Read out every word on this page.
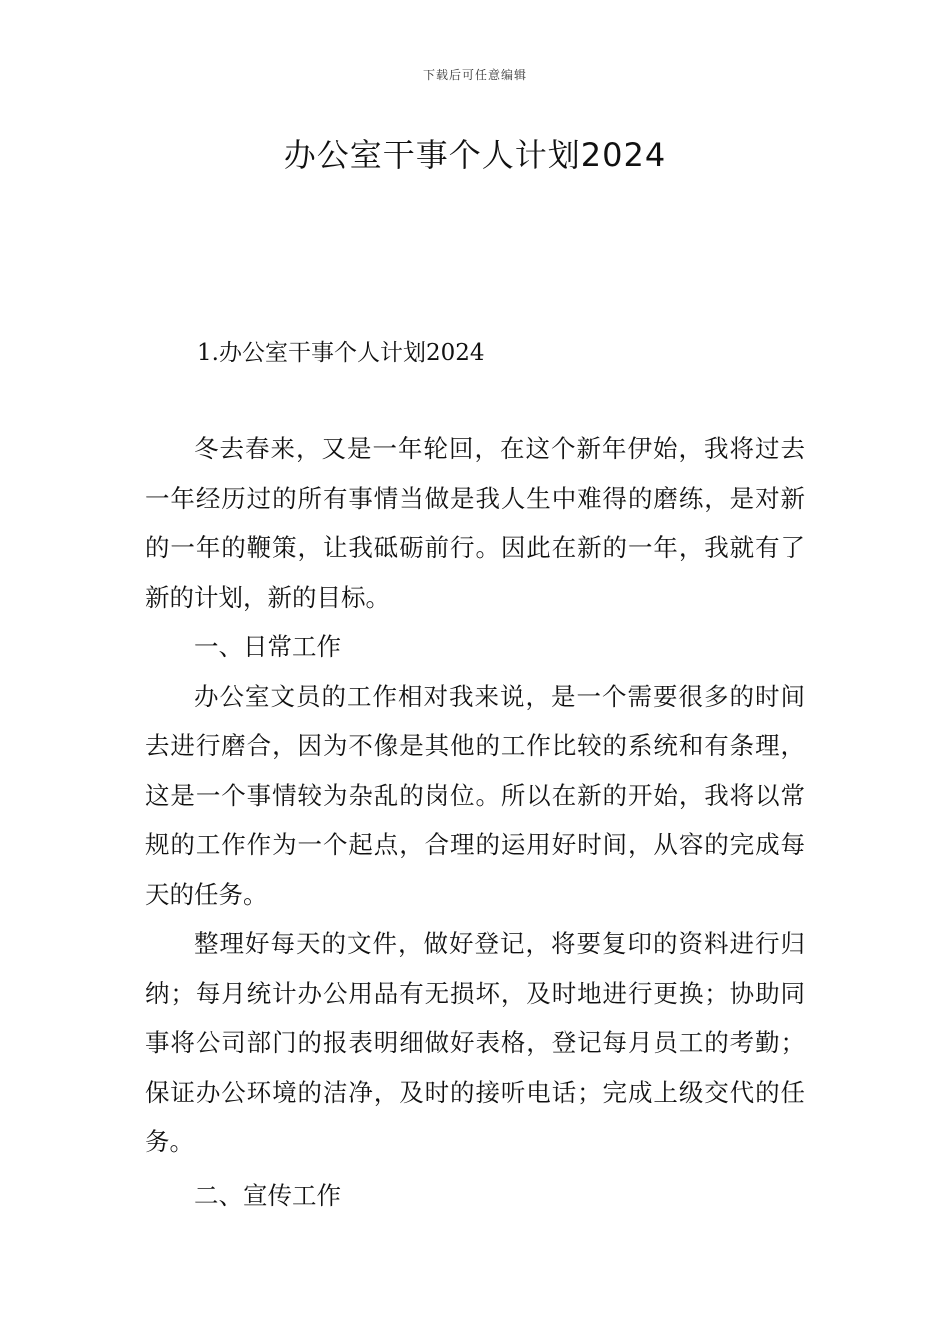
下载后可任意编辑
办公室干事个人计划2024
1.办公室干事个人计划2024

冬去春来，又是一年轮回，在这个新年伊始，我将过去一年经历过的所有事情当做是我人生中难得的磨练，是对新的一年的鞭策，让我砥砺前行。因此在新的一年，我就有了新的计划，新的目标。

一、日常工作

办公室文员的工作相对我来说，是一个需要很多的时间去进行磨合，因为不像是其他的工作比较的系统和有条理，这是一个事情较为杂乱的岗位。所以在新的开始，我将以常规的工作作为一个起点，合理的运用好时间，从容的完成每天的任务。

整理好每天的文件，做好登记，将要复印的资料进行归纳；每月统计办公用品有无损坏，及时地进行更换；协助同事将公司部门的报表明细做好表格，登记每月员工的考勤；保证办公环境的洁净，及时的接听电话；完成上级交代的任务。

二、宣传工作
